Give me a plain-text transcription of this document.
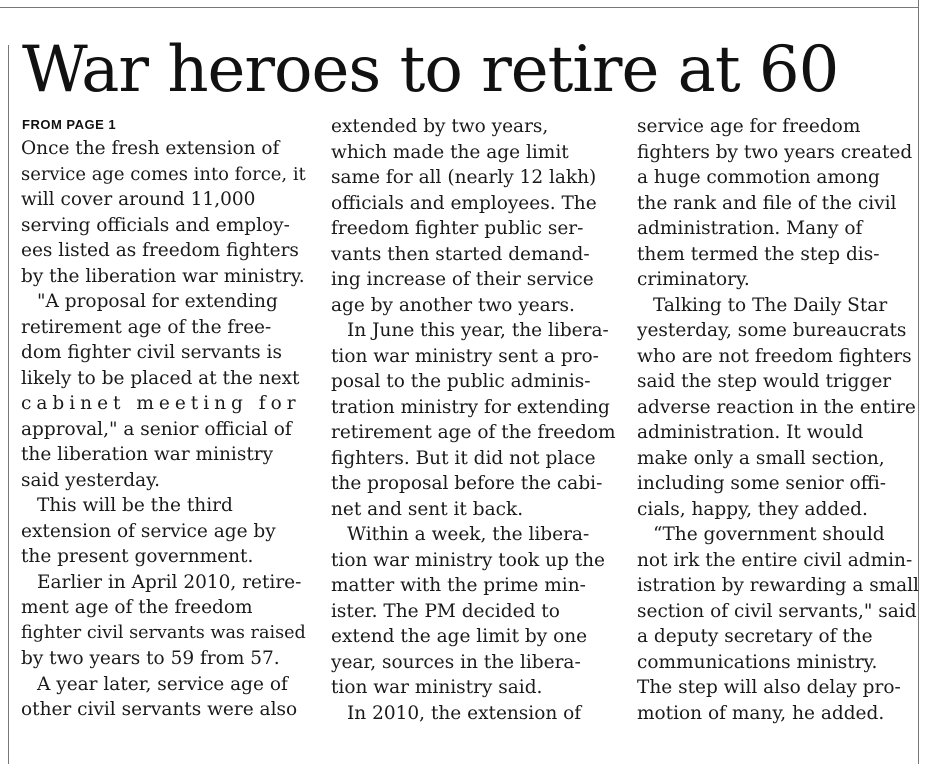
War heroes to retire at 60
FROM PAGE 1
Once the fresh extension of
service age comes into force, it
will cover around 11,000
serving officials and employ-
ees listed as freedom fighters
by the liberation war ministry.
"A proposal for extending
retirement age of the free-
dom fighter civil servants is
likely to be placed at the next
cabinet meeting for
approval," a senior official of
the liberation war ministry
said yesterday.
This will be the third
extension of service age by
the present government.
Earlier in April 2010, retire-
ment age of the freedom
fighter civil servants was raised
by two years to 59 from 57.
A year later, service age of
other civil servants were also
extended by two years,
which made the age limit
same for all (nearly 12 lakh)
officials and employees. The
freedom fighter public ser-
vants then started demand-
ing increase of their service
age by another two years.
In June this year, the libera-
tion war ministry sent a pro-
posal to the public adminis-
tration ministry for extending
retirement age of the freedom
fighters. But it did not place
the proposal before the cabi-
net and sent it back.
Within a week, the libera-
tion war ministry took up the
matter with the prime min-
ister. The PM decided to
extend the age limit by one
year, sources in the libera-
tion war ministry said.
In 2010, the extension of
service age for freedom
fighters by two years created
a huge commotion among
the rank and file of the civil
administration. Many of
them termed the step dis-
criminatory.
Talking to The Daily Star
yesterday, some bureaucrats
who are not freedom fighters
said the step would trigger
adverse reaction in the entire
administration. It would
make only a small section,
including some senior offi-
cials, happy, they added.
“The government should
not irk the entire civil admin-
istration by rewarding a small
section of civil servants," said
a deputy secretary of the
communications ministry.
The step will also delay pro-
motion of many, he added.
